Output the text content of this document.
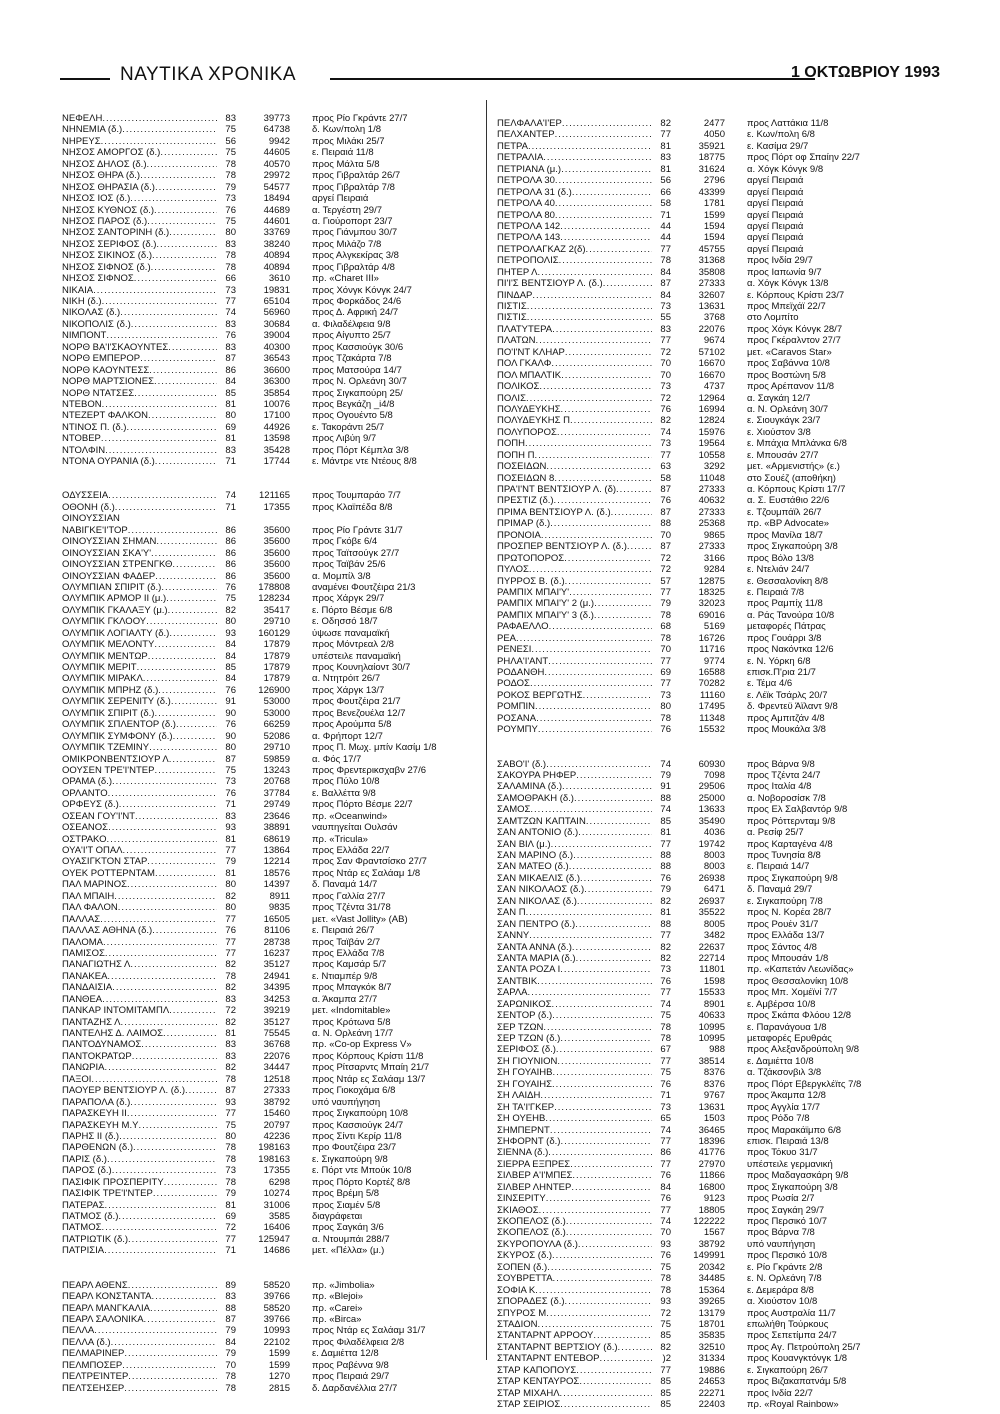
ΝΑΥΤΙΚΑ ΧΡΟΝΙΚΑ	1 ΟΚΤΩΒΡΙΟΥ 1993
ΝΕΦΕΛΗ .....	83	39773 προς Ρίο Γκράντε 27/7
ΝΗΝΕΜΙΑ (δ.) .....	75	64738 δ. Κων/πολη 1/8
ΝΗΡΕΥΣ .....	56	9942 προς Μιλάκι 25/7
ΝΗΣΟΣ ΑΜΟΡΓΟΣ (δ.) .....	75	44605 ε. Πειραιά 11/8
ΝΗΣΟΣ ΔΗΛΟΣ (δ.) .....	78	40570 προς Μάλτα 5/8
ΝΗΣΟΣ ΘΗΡΑ (δ.) .....	78	29972 προς Γιβραλτάρ 26/7
ΝΗΣΟΣ ΘΗΡΑΣΙΑ (δ.) .....	79	54577 προς Γιβραλτάρ 7/8
ΝΗΣΟΣ ΙΟΣ (δ.) .....	73	18494 αργεί Πειραιά
ΝΗΣΟΣ ΚΥΘΝΟΣ (δ.) .....	76	44689 α. Τεργέστη 29/7
ΝΗΣΟΣ ΠΑΡΟΣ (δ.) .....	75	44601 α. Γιούροπορτ 23/7
ΝΗΣΟΣ ΣΑΝΤΟΡΙΝΗ (δ.) .....	80	33769 προς Γιάνμπου 30/7
ΝΗΣΟΣ ΣΕΡΙΦΟΣ (δ.) .....	83	38240 προς Μιλάζο 7/8
ΝΗΣΟΣ ΣΙΚΙΝΟΣ (δ.) .....	78	40894 προς Αλγκεκίρας 3/8
ΝΗΣΟΣ ΣΙΦΝΟΣ (δ.) .....	78	40894 προς Γιβραλτάρ 4/8
ΝΗΣΟΣ ΣΙΦΝΟΣ .....	66	3610 πρ. «Charet III»
ΝΙΚΑΙΑ .....	73	19831 προς Χόνγκ Κόνγκ 24/7
ΝΙΚΗ (δ.) .....	77	65104 προς Φορκάδος 24/6
ΝΙΚΟΛΑΣ (δ.) .....	74	56960 προς Δ. Αφρική 24/7
ΝΙΚΟΠΟΛΙΣ (δ.) .....	83	30684 α. Φιλαδέλφεια 9/8
ΝΙΜΠΟΝΤ .....	76	39004 προς Αίγυπτο 25/7
ΝΟΡΘ ΒΑ'Ι'ΣΚΑΟΥΝΤΕΣ .....	83	40300 προς Κασσιούγκ 30/6
ΝΟΡΘ ΕΜΠΕΡΟΡ .....	87	36543 προς Τζακάρτα 7/8
ΝΟΡΘ ΚΑΟΥΝΤΕΣΣ .....	86	36600 προς Ματσούρα 14/7
ΝΟΡΘ ΜΑΡΤΣΙΟΝΕΣ .....	84	36300 προς Ν. Ορλεάνη 30/7
ΝΟΡΘ ΝΤΑΤΣΕΣ .....	85	35854 προς Σιγκαπούρη 25/
ΝΤΕΒΟΝ .....	81	10076 προς Βεγκάζη _i4/8
ΝΤΕΖΕΡΤ ΦΑΛΚΟΝ .....	80	17100 προς Ογουέντο 5/8
ΝΤΙΝΟΣ Π. (δ.) .....	69	44926 ε. Τακοράντι 25/7
ΝΤΟΒΕΡ .....	81	13598 προς Λιβύη 9/7
ΝΤΟΛΦΙΝ .....	83	35428 προς Πόρτ Κέμπλα 3/8
ΝΤΟΝΑ ΟΥΡΑΝΙΑ (δ.) .....	71	17744 ε. Μάντρε ντε Ντέους 8/8
ΟΔΥΣΣΕΙΑ .....	74	121165 προς Τουμπαράο 7/7
ΟΘΟΝΗ (δ.) .....	71	17355 προς Κλαϊπέδα 8/8
ΟΙΝΟΥΣΣΙΑΝ
ΝΑΒΙΓΚΕ'Ι'ΤΟΡ .....	86	35600 προς Ρίο Γράντε 31/7
ΟΙΝΟΥΣΣΙΑΝ ΣΗΜΑΝ .....	86	35600 προς Γκόβε 6/4
ΟΙΝΟΥΣΣΙΑΝ ΣΚΑ'Υ' .....	86	35600 προς Ταϊτσούγκ 27/7
ΟΙΝΟΥΣΣΙΑΝ ΣΤΡΕΝΓΚΘ .....	86	35600 προς Ταϊβάν 25/6
ΟΙΝΟΥΣΣΙΑΝ ΦΑΔΕΡ .....	86	35600 α. Μομπίλ 3/8
ΟΛΥΜΠΙΑΝ ΣΠΙΡΙΤ (δ.) .....	76	178808 αναμένει Φουτζέιρα 21/3
ΟΛΥΜΠΙΚ ΑΡΜΟΡ ΙΙ (μ.) .....	75	128234 προς Χάργκ 29/7
ΟΛΥΜΠΙΚ ΓΚΑΛΑΞΥ (μ.) .....	82	35417 ε. Πόρτο Βέσμε 6/8
ΟΛΥΜΠΙΚ ΓΚΛΟΟΥ .....	80	29710 ε. Οδησσό 18/7
ΟΛΥΜΠΙΚ ΛΟΓΙΑΛΤΥ (δ.) .....	93	160129 ύψωσε παναμαϊκή
ΟΛΥΜΠΙΚ ΜΕΛΟΝΤΥ .....	84	17879 προς Μόντρεαλ 2/8
ΟΛΥΜΠΙΚ ΜΕΝΤΩΡ .....	84	17879 υπέστειλε παναμαϊκή
ΟΛΥΜΠΙΚ ΜΕΡΙΤ .....	85	17879 προς Κουνηλαίοντ 30/7
ΟΛΥΜΠΙΚ ΜΙΡΑΚΛ .....	84	17879 α. Ντητρόιτ 26/7
ΟΛΥΜΠΙΚ ΜΠΡΗΖ (δ.) .....	76	126900 προς Χάργκ 13/7
ΟΛΥΜΠΙΚ ΣΕΡΕΝΙΤΥ (δ.) .....	91	53000 προς Φουτζέιρα 21/7
ΟΛΥΜΠΙΚ ΣΠΙΡΙΤ (δ.) .....	90	53000 προς Βενεζουέλα 12/7
ΟΛΥΜΠΙΚ ΣΠΛΕΝΤΟΡ (δ.) .....	76	66259 προς Αρούμπα 5/8
ΟΛΥΜΠΙΚ ΣΥΜΦΟΝΥ (δ.) .....	90	52086 α. Φρήπορτ 12/7
ΟΛΥΜΠΙΚ ΤΖΕΜΙΝΥ .....	80	29710 προς Π. Μωχ. μπίν Κασίμ 1/8
ΟΜΙΚΡΟΝΒΕΝΤΣΙΟΥΡ Λ .....	87	59859 α. Φός 17/7
ΟΟΥΣΕΝ ΤΡΕ'Ι'ΝΤΕΡ .....	75	13243 προς Φρεντερικσχαβν 27/6
ΟΡΑΜΑ (δ.) .....	73	20768 προς Πύλο 10/8
ΟΡΛΑΝΤΟ .....	76	37784 ε. Βαλλέττα 9/8
ΟΡΦΕΥΣ (δ.) .....	71	29749 προς Πόρτο Βέσμε 22/7
ΟΣΕΑΝ ΓΟΥ'Ι'ΝΤ .....	83	23646 πρ. «Oceanwind»
ΟΣΕΑΝΟΣ .....	93	38891 ναυπηγείται Ουλσάν
ΟΣΤΡΑΚΟ .....	81	68619 πρ. «Tricula»
ΟΥΑ'Ι'Τ ΟΠΑΛ .....	77	13864 προς Ελλάδα 22/7
ΟΥΑΣΙΓΚΤΟΝ ΣΤΑΡ .....	79	12214 προς Σαν Φραντσίσκο 27/7
ΟΥΕΚ ΡΟΤΤΕΡΝΤΑΜ .....	81	18576 προς Ντάρ ες Σαλάαμ 1/8
ΠΑΛ ΜΑΡΙΝΟΣ .....	80	14397 δ. Παναμά 14/7
ΠΑΛ ΜΠΑΙΗ .....	82	8911 προς Γαλλία 27/7
ΠΑΛ ΦΑΛΟΝ .....	80	9835 προς Τζέντα 31/78
ΠΑΛΛΑΣ .....	77	16505 μετ. «Vast Jollity» (ΑΒ)
ΠΑΛΛΑΣ ΑΘΗΝΑ (δ.) .....	76	81106 ε. Πειραιά 26/7
ΠΑΛΟΜΑ .....	77	28738 προς Ταϊβάν 2/7
ΠΑΜΙΣΟΣ .....	77	16237 προς Ελλάδα 7/8
ΠΑΝΑΓΙΩΤΗΣ Λ .....	82	35127 προς Καμσάρ 5/7
ΠΑΝΑΚΕΑ .....	78	24941 ε. Ντιαμπέρ 9/8
ΠΑΝΔΑΙΣΙΑ .....	82	34395 προς Μπαγκόκ 8/7
ΠΑΝΘΕΑ .....	83	34253 α. Άκαμπα 27/7
ΠΑΝΚΑΡ ΙΝΤΟΜΙΤΑΜΠΛ .....	72	39219 μετ. «Indomitable»
ΠΑΝΤΑΖΗΣ Λ .....	82	35127 προς Κρότωνα 5/8
ΠΑΝΤΕΛΗΣ Δ. ΛΑΙΜΟΣ .....	81	75545 α. Ν. Ορλεάνη 17/7
ΠΑΝΤΟΔΥΝΑΜΟΣ .....	83	36768 πρ. «Co-op Express V»
ΠΑΝΤΟΚΡΑΤΩΡ .....	83	22076 προς Κόρπους Κρίστι 11/8
ΠΑΝΩΡΙΑ .....	82	34447 προς Ρίτσαρντς Μπαίη 21/7
ΠΑΞΟΙ .....	78	12518 προς Ντάρ ες Σαλάαμ 13/7
ΠΑΟΥΕΡ ΒΕΝΤΣΙΟΥΡ Λ. (δ.) .....	87	27333 προς Γιοκοχάμα 6/8
ΠΑΡΑΠΟΛΑ (δ.) .....	93	38792 υπό ναυπήγηση
ΠΑΡΑΣΚΕΥΗ ΙΙ .....	77	15460 προς Σιγκαπούρη 10/8
ΠΑΡΑΣΚΕΥΗ Μ.Υ .....	75	20797 προς Κασσιούγκ 24/7
ΠΑΡΗΣ ΙΙ (δ.) .....	80	42236 προς Σίντι Κερίρ 11/8
ΠΑΡΘΕΝΩΝ (δ.) .....	78	198163 προ Φουτζέιρα 23/7
ΠΑΡΙΣ (δ.) .....	78	198163 ε. Σιγκαπούρη 9/8
ΠΑΡΟΣ (δ.) .....	73	17355 ε. Πόρτ ντε Μπούκ 10/8
ΠΑΣΙΦΙΚ ΠΡΟΣΠΕΡΙΤΥ .....	78	6298 προς Πόρτο Κορτέζ 8/8
ΠΑΣΙΦΙΚ ΤΡΕ'Ι'ΝΤΕΡ .....	79	10274 προς Βρέμη 5/8
ΠΑΤΕΡΑΣ .....	81	31006 προς Σιαμέν 5/8
ΠΑΤΜΟΣ (δ.) .....	69	3585 διαγράφεται
ΠΑΤΜΟΣ .....	72	16406 προς Σαγκάη 3/6
ΠΑΤΡΙΩΤΙΚ (δ.) .....	77	125947 α. Ντουμπάι 288/7
ΠΑΤΡΙΣΙΑ .....	71	14686 μετ. «Πέλλα» (μ.)
ΠΕΑΡΛ ΑΘΕΝΣ .....	89	58520 πρ. «Jimbolia»
ΠΕΑΡΛ ΚΟΝΣΤΑΝΤΑ .....	83	39766 πρ. «Blejoi»
ΠΕΑΡΛ ΜΑΝΓΚΑΛΙΑ .....	88	58520 πρ. «Carei»
ΠΕΑΡΛ ΣΑΛΟΝΙΚΑ .....	87	39766 πρ. «Birca»
ΠΕΛΛΑ .....	79	10993 προς Ντάρ ες Σαλάαμ 31/7
ΠΕΛΛΑ (δ.) .....	84	22102 προς Φιλαδέλφεια 2/8
ΠΕΛΜΑΡΙΝΕΡ .....	79	1599 ε. Δαμιέττα 12/8
ΠΕΛΜΠΟΣΕΡ .....	70	1599 προς Ραβέννα 9/8
ΠΕΛΤΡΕΊΝΤΕΡ .....	78	1270 προς Πειραιά 29/7
ΠΕΛΤΣΕΗΣΕΡ .....	78	2815 δ. Δαρδανέλλια 27/7
ΠΕΛΦΑΛΑ'Ι'ΕΡ .....	82	2477 προς Λαττάκια 11/8
ΠΕΛΧΑΝΤΕΡ .....	77	4050 ε. Κων/πολη 6/8
ΠΕΤΡΑ .....	81	35921 ε. Κασίμα 29/7
ΠΕΤΡΑΛΙΑ .....	83	18775 προς Πόρτ οφ Σπαίην 22/7
ΠΕΤΡΙΑΝΑ (μ.) .....	81	31624 α. Χόγκ Κόνγκ 9/8
ΠΕΤΡΟΛΑ 30 .....	56	2796 αργεί Πειραιά
ΠΕΤΡΟΛΑ 31 (δ.) .....	66	43399 αργεί Πειραιά
ΠΕΤΡΟΛΑ 40 .....	58	1781 αργεί Πειραιά
ΠΕΤΡΟΛΑ 80 .....	71	1599 αργεί Πειραιά
ΠΕΤΡΟΛΑ 142 .....	44	1594 αργεί Πειραιά
ΠΕΤΡΟΛΑ 143 .....	44	1594 αργεί Πειραιά
ΠΕΤΡΟΛΑΓΚΑΖ 2(δ) .....	77	45755 αργεί Πειραιά
ΠΕΤΡΟΠΟΛΙΣ .....	78	31368 προς Ινδία 29/7
ΠΗΤΕΡ Λ .....	84	35808 προς Ιαπωνία 9/7
ΠΙ'Ι'Σ ΒΕΝΤΣΙΟΥΡ Λ. (δ.) .....	87	27333 α. Χόγκ Κόνγκ 13/8
ΠΙΝΔΑΡ .....	84	32607 ε. Κόρπους Κρίστι 23/7
ΠΙΣΤΙΣ .....	73	13631 προς Μπεϊχάϊ 22/7
ΠΙΣΤΙΣ .....	55	3768 στο Λομπίτο
ΠΛΑΤΥΤΕΡΑ .....	83	22076 προς Χόγκ Κόνγκ 28/7
ΠΛΑΤΩΝ .....	77	9674 προς Γκέραλντον 27/7
ΠΟ'Ι'ΝΤ ΚΛΗΑΡ .....	72	57102 μετ. «Caravos Star»
ΠΟΛ ΓΚΑΛΦ .....	70	16670 προς Σαβάννα 10/8
ΠΟΛ ΜΠΑΛΤΙΚ .....	70	16670 προς Βοστώνη 5/8
ΠΟΛΙΚΟΣ .....	73	4737 προς Αρέπανον 11/8
ΠΟΛΙΣ .....	72	12964 α. Σαγκάη 12/7
ΠΟΛΥΔΕΥΚΗΣ .....	76	16994 α. Ν. Ορλεάνη 30/7
ΠΟΛΥΔΕΥΚΗΣ Π .....	82	12824 ε. Σιουγκάγκ 23/7
ΠΟΛΥΠΟΡΟΣ .....	74	15976 ε. Χιούστον 3/8
ΠΟΠΗ .....	73	19564 ε. Μπάχια Μπλάνκα 6/8
ΠΟΠΗ Π .....	77	10558 ε. Μπουσάν 27/7
ΠΟΣΕΙΔΩΝ .....	63	3292 μετ. «Αρμενιστής» (ε.)
ΠΟΣΕΙΔΩΝ 8 .....	58	11048 στο Σουέζ (αποθήκη)
ΠΡΑ'Ι'ΝΤ ΒΕΝΤΣΙΟΥΡ Λ. (δ) .....	87	27333 α. Κόρπους Κρίστι 17/7
ΠΡΕΣΤΙΖ (δ.) .....	76	40632 α. Σ. Ευστάθιο 22/6
ΠΡΙΜΑ ΒΕΝΤΣΙΟΥΡ Λ. (δ.) .....	87	27333 ε. Τζουμπάϊλ 26/7
ΠΡΙΜΑΡ (δ.) .....	88	25368 πρ. «BP Advocate»
ΠΡΟΝΟΙΑ .....	70	9865 προς Μανίλα 18/7
ΠΡΟΣΠΕΡ ΒΕΝΤΣΙΟΥΡ Λ. (δ.) .....	87	27333 προς Σιγκαπούρη 3/8
ΠΡΩΤΟΠΟΡΟΣ .....	72	3166 προς Βόλο 13/8
ΠΥΛΟΣ .....	72	9284 ε. Ντελιάν 24/7
ΠΥΡΡΟΣ Β. (δ.) .....	57	12875 ε. Θεσσαλονίκη 8/8
ΡΑΜΠΙΧ ΜΠΑΙ'Υ' .....	77	18325 ε. Πειραιά 7/8
ΡΑΜΠΙΧ ΜΠΑΙ'Υ' 2 (μ.) .....	79	32023 προς Ραμπίχ 11/8
ΡΑΜΠΙΧ ΜΠΑΙ'Υ' 3 (δ.) .....	78	69016 α. Ράς Τανούρα 10/8
ΡΑΦΑΕΛΛΟ .....	68	5169 μεταφορές Πάτρας
ΡΕΑ .....	78	16726 προς Γουάρρι 3/8
ΡΕΝΕΣΙ .....	70	11716 προς Νακόντκα 12/6
ΡΗΛΑ'Ι'ΑΝΤ .....	77	9774 ε. Ν. Υόρκη 6/8
ΡΟΔΑΝΘΗ .....	69	16588 επισκ.Π'ρια 21/7
ΡΟΔΟΣ .....	77	70282 ε. Τέμα 4/6
ΡΟΚΟΣ ΒΕΡΓΩΤΗΣ .....	73	11160 ε. Λέϊκ Τσάρλς 20/7
ΡΟΜΠΙΝ .....	80	17495 δ. Φρεντεϋ Άϊλαντ 9/8
ΡΟΣΑΝΑ .....	78	11348 προς Αμπιτζάν 4/8
ΡΟΥΜΠΥ .....	76	15532 προς Μουκάλα 3/8
ΣΑΒΟ'Ι' (δ.) .....	74	60930 προς Βάρνα 9/8
ΣΑΚΟΥΡΑ ΡΗΦΕΡ .....	79	7098 προς Τζέντα 24/7
ΣΑΛΑΜΙΝΑ (δ.) .....	91	29506 προς Ιταλία 4/8
ΣΑΜΟΘΡΑΚΗ (δ.) .....	88	25000 α. Νοβοροσίσκ 7/8
ΣΑΜΟΣ .....	74	13633 προς Ελ Σαλβαντόρ 9/8
ΣΑΜΤΖΩΝ ΚΑΠΤΑΙΝ .....	85	35490 προς Ρόττερνταμ 9/8
ΣΑΝ ΑΝΤΟΝΙΟ (δ.) .....	81	4036 α. Ρεσίφ 25/7
ΣΑΝ ΒΙΛ (μ.) .....	77	19742 προς Καρταγένα 4/8
ΣΑΝ ΜΑΡΙΝΟ (δ.) .....	88	8003 προς Τυνησία 8/8
ΣΑΝ ΜΑΤΕΟ (δ.) .....	88	8003 ε. Πειραιά 14/7
ΣΑΝ ΜΙΚΑΕΛΙΣ (δ.) .....	76	26938 προς Σιγκαπούρη 9/8
ΣΑΝ ΝΙΚΟΛΑΟΣ (δ.) .....	79	6471 δ. Παναμά 29/7
ΣΑΝ ΝΙΚΟΛΑΣ (δ.) .....	82	26937 ε. Σιγκαπούρη 7/8
ΣΑΝ Π .....	81	35522 προς Ν. Κορέα 28/7
ΣΑΝ ΠΕΝΤΡΟ (δ.) .....	88	8005 προς Ρουέν 31/7
ΣΑΝΝΥ .....	77	3482 προς Ελλάδα 13/7
ΣΑΝΤΑ ΑΝΝΑ (δ.) .....	82	22637 προς Σάντος 4/8
ΣΑΝΤΑ ΜΑΡΙΑ (δ.) .....	82	22714 προς Μπουσάν 1/8
ΣΑΝΤΑ ΡΟΖΑ Ι .....	73	11801 πρ. «Καπετάν Λεωνίδας»
ΣΑΝΤΒΙΚ .....	76	1598 προς Θεσσαλονίκη 10/8
ΣΑΡΛΑ .....	77	15533 προς Μπ. Χομέϊνί 7/7
ΣΑΡΩΝΙΚΟΣ .....	74	8901 ε. Αμβέρσα 10/8
ΣΕΝΤΟΡ (δ.) .....	75	40633 προς Σκάπα Φλόου 12/8
ΣΕΡ ΤΖΩΝ .....	78	10995 ε. Παρανάγουα 1/8
ΣΕΡ ΤΖΩΝ (δ.) .....	78	10995 μεταφορές Ερυθράς
ΣΕΡΙΦΟΣ (δ.) .....	67	988 προς Αλεξανδρούπολη 9/8
ΣΗ ΓΙΟΥΝΙΟΝ .....	77	38514 ε. Δαμιέττα 10/8
ΣΗ ΓΟΥΑΙΗΒ .....	75	8376 α. Τζάκσονβιλ 3/8
ΣΗ ΓΟΥΑΙΗΣ .....	76	8376 προς Πόρτ Εβεργκλέϊτς 7/8
ΣΗ ΛΑΙΔΗ .....	71	9767 προς Άκαμπα 12/8
ΣΗ ΤΑ'Ι'ΓΚΕΡ .....	73	13631 προς Αγγλία 17/7
ΣΗ ΟΥΕΗΒ .....	65	1503 προς Ρόδο 7/8
ΣΗΜΠΕΡΝΤ .....	74	36465 προς Μαρακάϊμπο 6/8
ΣΗΦΟΡΝΤ (δ.) .....	77	18396 επισκ. Πειραιά 13/8
ΣΙΕΝΝΑ (δ.) .....	86	41776 προς Τόκυο 31/7
ΣΙΕΡΡΑ ΕΞΠΡΕΣ .....	77	27970 υπέστειλε γερμανική
ΣΙΛΒΕΡ Α'Ι'ΜΠΕΣ .....	76	11866 προς Μαδαγασκάρη 9/8
ΣΙΛΒΕΡ ΛΗΝΤΕΡ .....	84	16800 προς Σιγκαπούρη 3/8
ΣΙΝΣΕΡΙΤΥ .....	76	9123 προς Ρωσία 2/7
ΣΚΙΑΘΟΣ .....	77	18805 προς Σαγκάη 29/7
ΣΚΟΠΕΛΟΣ (δ.) .....	74	122222 προς Περσικό 10/7
ΣΚΟΠΕΛΟΣ (δ.) .....	70	1567 προς Βάρνα 7/8
ΣΚΥΡΟΠΟΥΛΑ (δ.) .....	93	38792 υπό ναυπήγηση
ΣΚΥΡΟΣ (δ.) .....	76	149991 προς Περσικό 10/8
ΣΟΠΕΝ (δ.) .....	75	20342 ε. Ρίο Γκράντε 2/8
ΣΟΥΒΡΕΤΤΑ .....	78	34485 ε. Ν. Ορλεάνη 7/8
ΣΟΦΙΑ Κ .....	78	15364 ε. Δεμεράρα 8/8
ΣΠΟΡΑΔΕΣ (δ.) .....	93	39265 α. Χιούστον 10/8
ΣΠΥΡΟΣ Μ .....	72	13179 προς Αυστραλία 11/7
ΣΤΑΔΙΟΝ .....	75	18701 επωλήθη Τούρκους
ΣΤΑΝΤΑΡΝΤ ΑΡΡΟΟΥ .....	85	35835 προς Σεπετίμπα 24/7
ΣΤΑΝΤΑΡΝΤ ΒΕΡΤΣΙΟΥ (δ.) .....	82	32510 προς Αγ. Πετρούπολη 25/7
ΣΤΑΝΤΑΡΝΤ ΕΝΤΕΒΟΡ .....	)2	31334 προς Κουανγκτόνγκ 1/8
ΣΤΑΡ ΚΑΠΟΠΟΥΣ .....	77	19886 ε. Σιγκαπούρη 26/7
ΣΤΑΡ ΚΕΝΤΑΥΡΟΣ .....	85	24653 προς Βιζακαπατνάμ 5/8
ΣΤΑΡ ΜΙΧΑΗΛ .....	85	22271 προς Ινδία 22/7
ΣΤΑΡ ΣΕΙΡΙΟΣ .....	85	22403 πρ. «Royal Rainbow»
